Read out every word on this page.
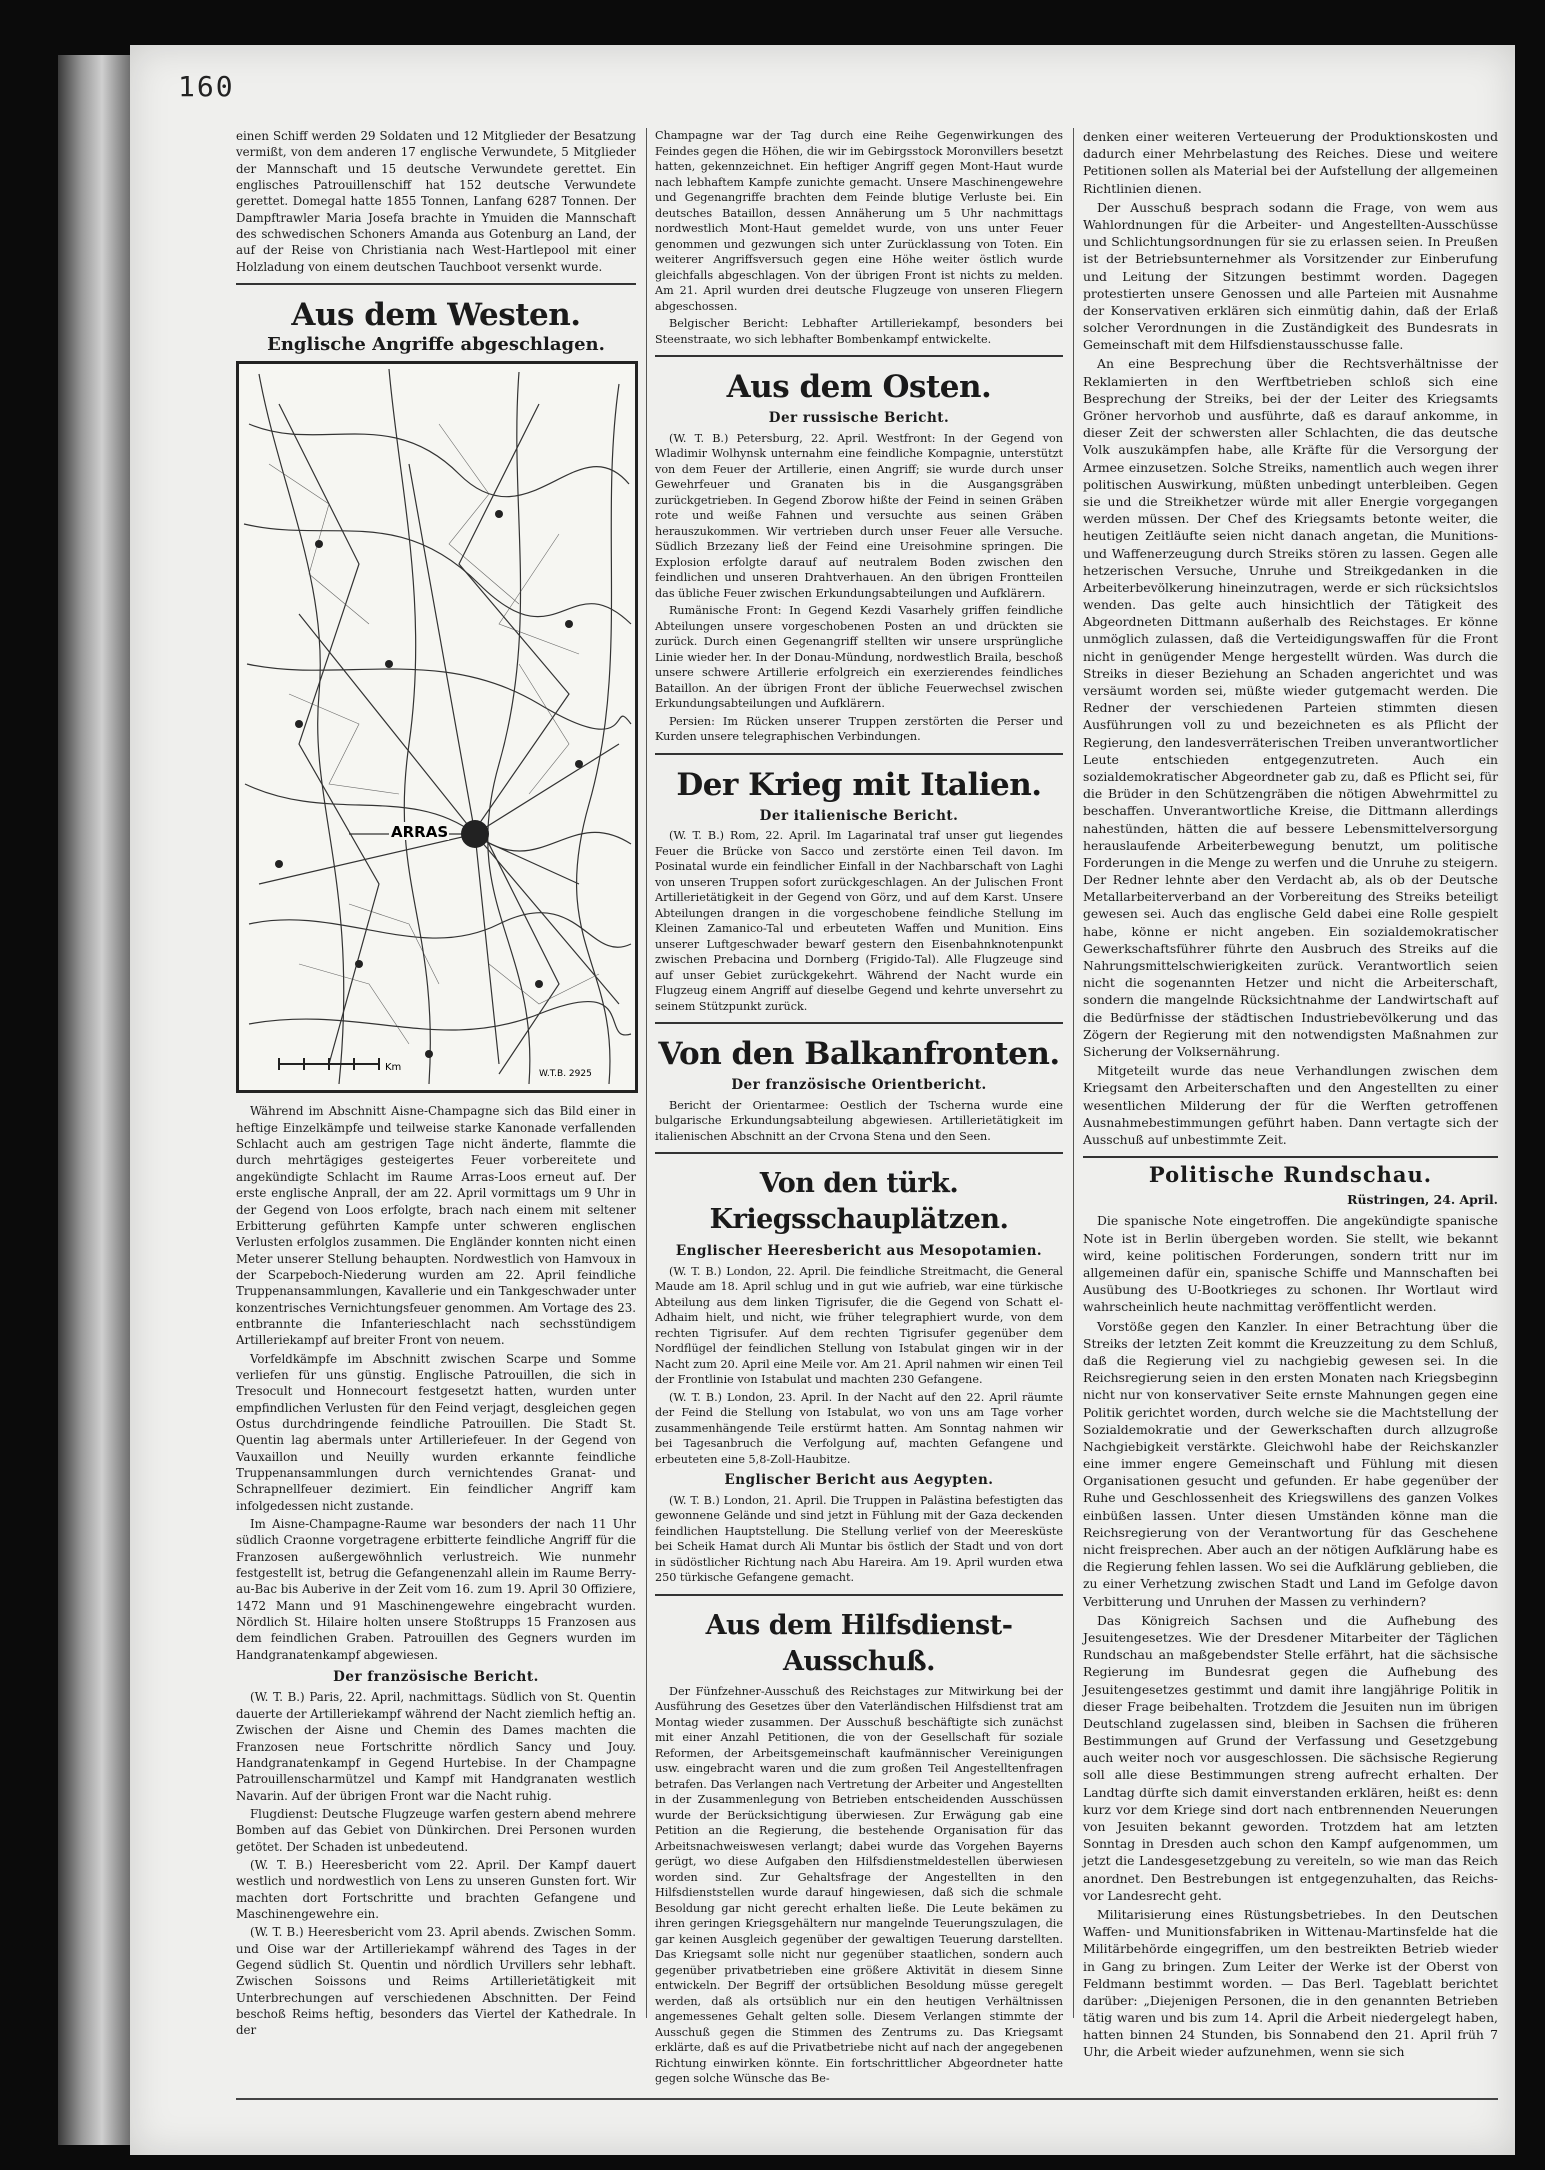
160

einen Schiff werden 29 Soldaten und 12 Mitglieder der Besatzung vermißt, von dem anderen 17 englische Verwundete, 5 Mitglieder der Mannschaft und 15 deutsche Verwundete gerettet. Ein englisches Patrouillenschiff hat 152 deutsche Verwundete gerettet. Domegal hatte 1855 Tonnen, Lanfang 6287 Tonnen. Der Dampftrawler Maria Josefa brachte in Ymuiden die Mannschaft des schwedischen Schoners Amanda aus Gotenburg an Land, der auf der Reise von Christiania nach West-Hartlepool mit einer Holzladung von einem deutschen Tauchboot versenkt wurde.

Aus dem Westen.
Englische Angriffe abgeschlagen.
ARRAS
Km
W.T.B. 2925

Während im Abschnitt Aisne-Champagne sich das Bild einer in heftige Einzelkämpfe und teilweise starke Kanonade verfallenden Schlacht auch am gestrigen Tage nicht änderte, flammte die durch mehrtägiges gesteigertes Feuer vorbereitete und angekündigte Schlacht im Raume Arras-Loos erneut auf. Der erste englische Anprall, der am 22. April vormittags um 9 Uhr in der Gegend von Loos erfolgte, brach nach einem mit seltener Erbitterung geführten Kampfe unter schweren englischen Verlusten erfolglos zusammen. Die Engländer konnten nicht einen Meter unserer Stellung behaupten. Nordwestlich von Hamvoux in der Scarpeboch-Niederung wurden am 22. April feindliche Truppenansammlungen, Kavallerie und ein Tankgeschwader unter konzentrisches Vernichtungsfeuer genommen. Am Vortage des 23. entbrannte die Infanterieschlacht nach sechsstündigem Artilleriekampf auf breiter Front von neuem.

Vorfeldkämpfe im Abschnitt zwischen Scarpe und Somme verliefen für uns günstig. Englische Patrouillen, die sich in Tresocult und Honnecourt festgesetzt hatten, wurden unter empfindlichen Verlusten für den Feind verjagt, desgleichen gegen Ostus durchdringende feindliche Patrouillen. Die Stadt St. Quentin lag abermals unter Artilleriefeuer. In der Gegend von Vauxaillon und Neuilly wurden erkannte feindliche Truppenansammlungen durch vernichtendes Granat- und Schrapnellfeuer dezimiert. Ein feindlicher Angriff kam infolgedessen nicht zustande.

Im Aisne-Champagne-Raume war besonders der nach 11 Uhr südlich Craonne vorgetragene erbitterte feindliche Angriff für die Franzosen außergewöhnlich verlustreich. Wie nunmehr festgestellt ist, betrug die Gefangenenzahl allein im Raume Berry-au-Bac bis Auberive in der Zeit vom 16. zum 19. April 30 Offiziere, 1472 Mann und 91 Maschinengewehre eingebracht wurden. Nördlich St. Hilaire holten unsere Stoßtrupps 15 Franzosen aus dem feindlichen Graben. Patrouillen des Gegners wurden im Handgranatenkampf abgewiesen.

Der französische Bericht.

(W. T. B.) Paris, 22. April, nachmittags. Südlich von St. Quentin dauerte der Artilleriekampf während der Nacht ziemlich heftig an. Zwischen der Aisne und Chemin des Dames machten die Franzosen neue Fortschritte nördlich Sancy und Jouy. Handgranatenkampf in Gegend Hurtebise. In der Champagne Patrouillenscharmützel und Kampf mit Handgranaten westlich Navarin. Auf der übrigen Front war die Nacht ruhig.

Flugdienst: Deutsche Flugzeuge warfen gestern abend mehrere Bomben auf das Gebiet von Dünkirchen. Drei Personen wurden getötet. Der Schaden ist unbedeutend.

(W. T. B.) Heeresbericht vom 22. April. Der Kampf dauert westlich und nordwestlich von Lens zu unseren Gunsten fort. Wir machten dort Fortschritte und brachten Gefangene und Maschinengewehre ein.

(W. T. B.) Heeresbericht vom 23. April abends. Zwischen Somm. und Oise war der Artilleriekampf während des Tages in der Gegend südlich St. Quentin und nördlich Urvillers sehr lebhaft. Zwischen Soissons und Reims Artillerietätigkeit mit Unterbrechungen auf verschiedenen Abschnitten. Der Feind beschoß Reims heftig, besonders das Viertel der Kathedrale. In der

Champagne war der Tag durch eine Reihe Gegenwirkungen des Feindes gegen die Höhen, die wir im Gebirgsstock Moronvillers besetzt hatten, gekennzeichnet. Ein heftiger Angriff gegen Mont-Haut wurde nach lebhaftem Kampfe zunichte gemacht. Unsere Maschinengewehre und Gegenangriffe brachten dem Feinde blutige Verluste bei. Ein deutsches Bataillon, dessen Annäherung um 5 Uhr nachmittags nordwestlich Mont-Haut gemeldet wurde, von uns unter Feuer genommen und gezwungen sich unter Zurücklassung von Toten. Ein weiterer Angriffsversuch gegen eine Höhe weiter östlich wurde gleichfalls abgeschlagen. Von der übrigen Front ist nichts zu melden. Am 21. April wurden drei deutsche Flugzeuge von unseren Fliegern abgeschossen.

Belgischer Bericht: Lebhafter Artilleriekampf, besonders bei Steenstraate, wo sich lebhafter Bombenkampf entwickelte.

Aus dem Osten.
Der russische Bericht.

(W. T. B.) Petersburg, 22. April. Westfront: In der Gegend von Wladimir Wolhynsk unternahm eine feindliche Kompagnie, unterstützt von dem Feuer der Artillerie, einen Angriff; sie wurde durch unser Gewehrfeuer und Granaten bis in die Ausgangsgräben zurückgetrieben. In Gegend Zborow hißte der Feind in seinen Gräben rote und weiße Fahnen und versuchte aus seinen Gräben herauszukommen. Wir vertrieben durch unser Feuer alle Versuche. Südlich Brzezany ließ der Feind eine Ureisohmine springen. Die Explosion erfolgte darauf auf neutralem Boden zwischen den feindlichen und unseren Drahtverhauen. An den übrigen Frontteilen das übliche Feuer zwischen Erkundungsabteilungen und Aufklärern.

Rumänische Front: In Gegend Kezdi Vasarhely griffen feindliche Abteilungen unsere vorgeschobenen Posten an und drückten sie zurück. Durch einen Gegenangriff stellten wir unsere ursprüngliche Linie wieder her. In der Donau-Mündung, nordwestlich Braila, beschoß unsere schwere Artillerie erfolgreich ein exerzierendes feindliches Bataillon. An der übrigen Front der übliche Feuerwechsel zwischen Erkundungsabteilungen und Aufklärern.

Persien: Im Rücken unserer Truppen zerstörten die Perser und Kurden unsere telegraphischen Verbindungen.

Der Krieg mit Italien.
Der italienische Bericht.

(W. T. B.) Rom, 22. April. Im Lagarinatal traf unser gut liegendes Feuer die Brücke von Sacco und zerstörte einen Teil davon. Im Posinatal wurde ein feindlicher Einfall in der Nachbarschaft von Laghi von unseren Truppen sofort zurückgeschlagen. An der Julischen Front Artillerietätigkeit in der Gegend von Görz, und auf dem Karst. Unsere Abteilungen drangen in die vorgeschobene feindliche Stellung im Kleinen Zamanico-Tal und erbeuteten Waffen und Munition. Eins unserer Luftgeschwader bewarf gestern den Eisenbahnknotenpunkt zwischen Prebacina und Dornberg (Frigido-Tal). Alle Flugzeuge sind auf unser Gebiet zurückgekehrt. Während der Nacht wurde ein Flugzeug einem Angriff auf dieselbe Gegend und kehrte unversehrt zu seinem Stützpunkt zurück.

Von den Balkanfronten.
Der französische Orientbericht.

Bericht der Orientarmee: Oestlich der Tscherna wurde eine bulgarische Erkundungsabteilung abgewiesen. Artillerietätigkeit im italienischen Abschnitt an der Crvona Stena und den Seen.

Von den türk. Kriegsschauplätzen.
Englischer Heeresbericht aus Mesopotamien.

(W. T. B.) London, 22. April. Die feindliche Streitmacht, die General Maude am 18. April schlug und in gut wie aufrieb, war eine türkische Abteilung aus dem linken Tigrisufer, die die Gegend von Schatt el-Adhaim hielt, und nicht, wie früher telegraphiert wurde, von dem rechten Tigrisufer. Auf dem rechten Tigrisufer gegenüber dem Nordflügel der feindlichen Stellung von Istabulat gingen wir in der Nacht zum 20. April eine Meile vor. Am 21. April nahmen wir einen Teil der Frontlinie von Istabulat und machten 230 Gefangene.

(W. T. B.) London, 23. April. In der Nacht auf den 22. April räumte der Feind die Stellung von Istabulat, wo von uns am Tage vorher zusammenhängende Teile erstürmt hatten. Am Sonntag nahmen wir bei Tagesanbruch die Verfolgung auf, machten Gefangene und erbeuteten eine 5,8-Zoll-Haubitze.

Englischer Bericht aus Aegypten.

(W. T. B.) London, 21. April. Die Truppen in Palästina befestigten das gewonnene Gelände und sind jetzt in Fühlung mit der Gaza deckenden feindlichen Hauptstellung. Die Stellung verlief von der Meeresküste bei Scheik Hamat durch Ali Muntar bis östlich der Stadt und von dort in südöstlicher Richtung nach Abu Hareira. Am 19. April wurden etwa 250 türkische Gefangene gemacht.

Aus dem Hilfsdienst-Ausschuß.

Der Fünfzehner-Ausschuß des Reichstages zur Mitwirkung bei der Ausführung des Gesetzes über den Vaterländischen Hilfsdienst trat am Montag wieder zusammen. Der Ausschuß beschäftigte sich zunächst mit einer Anzahl Petitionen, die von der Gesellschaft für soziale Reformen, der Arbeitsgemeinschaft kaufmännischer Vereinigungen usw. eingebracht waren und die zum großen Teil Angestelltenfragen betrafen. Das Verlangen nach Vertretung der Arbeiter und Angestellten in der Zusammenlegung von Betrieben entscheidenden Ausschüssen wurde der Berücksichtigung überwiesen. Zur Erwägung gab eine Petition an die Regierung, die bestehende Organisation für das Arbeitsnachweiswesen verlangt; dabei wurde das Vorgehen Bayerns gerügt, wo diese Aufgaben den Hilfsdienstmeldestellen überwiesen worden sind. Zur Gehaltsfrage der Angestellten in den Hilfsdienststellen wurde darauf hingewiesen, daß sich die schmale Besoldung gar nicht gerecht erhalten ließe. Die Leute bekämen zu ihren geringen Kriegsgehältern nur mangelnde Teuerungszulagen, die gar keinen Ausgleich gegenüber der gewaltigen Teuerung darstellten. Das Kriegsamt solle nicht nur gegenüber staatlichen, sondern auch gegenüber privatbetrieben eine größere Aktivität in diesem Sinne entwickeln. Der Begriff der ortsüblichen Besoldung müsse geregelt werden, daß als ortsüblich nur ein den heutigen Verhältnissen angemessenes Gehalt gelten solle. Diesem Verlangen stimmte der Ausschuß gegen die Stimmen des Zentrums zu. Das Kriegsamt erklärte, daß es auf die Privatbetriebe nicht auf nach der angegebenen Richtung einwirken könnte. Ein fortschrittlicher Abgeordneter hatte gegen solche Wünsche das Be-

denken einer weiteren Verteuerung der Produktionskosten und dadurch einer Mehrbelastung des Reiches. Diese und weitere Petitionen sollen als Material bei der Aufstellung der allgemeinen Richtlinien dienen.

Der Ausschuß besprach sodann die Frage, von wem aus Wahlordnungen für die Arbeiter- und Angestellten-Ausschüsse und Schlichtungsordnungen für sie zu erlassen seien. In Preußen ist der Betriebsunternehmer als Vorsitzender zur Einberufung und Leitung der Sitzungen bestimmt worden. Dagegen protestierten unsere Genossen und alle Parteien mit Ausnahme der Konservativen erklären sich einmütig dahin, daß der Erlaß solcher Verordnungen in die Zuständigkeit des Bundesrats in Gemeinschaft mit dem Hilfsdienstausschusse falle.

An eine Besprechung über die Rechtsverhältnisse der Reklamierten in den Werftbetrieben schloß sich eine Besprechung der Streiks, bei der der Leiter des Kriegsamts Gröner hervorhob und ausführte, daß es darauf ankomme, in dieser Zeit der schwersten aller Schlachten, die das deutsche Volk auszukämpfen habe, alle Kräfte für die Versorgung der Armee einzusetzen. Solche Streiks, namentlich auch wegen ihrer politischen Auswirkung, müßten unbedingt unterbleiben. Gegen sie und die Streikhetzer würde mit aller Energie vorgegangen werden müssen. Der Chef des Kriegsamts betonte weiter, die heutigen Zeitläufte seien nicht danach angetan, die Munitions- und Waffenerzeugung durch Streiks stören zu lassen. Gegen alle hetzerischen Versuche, Unruhe und Streikgedanken in die Arbeiterbevölkerung hineinzutragen, werde er sich rücksichtslos wenden. Das gelte auch hinsichtlich der Tätigkeit des Abgeordneten Dittmann außerhalb des Reichstages. Er könne unmöglich zulassen, daß die Verteidigungswaffen für die Front nicht in genügender Menge hergestellt würden. Was durch die Streiks in dieser Beziehung an Schaden angerichtet und was versäumt worden sei, müßte wieder gutgemacht werden. Die Redner der verschiedenen Parteien stimmten diesen Ausführungen voll zu und bezeichneten es als Pflicht der Regierung, den landesverräterischen Treiben unverantwortlicher Leute entschieden entgegenzutreten. Auch ein sozialdemokratischer Abgeordneter gab zu, daß es Pflicht sei, für die Brüder in den Schützengräben die nötigen Abwehrmittel zu beschaffen. Unverantwortliche Kreise, die Dittmann allerdings nahestünden, hätten die auf bessere Lebensmittelversorgung herauslaufende Arbeiterbewegung benutzt, um politische Forderungen in die Menge zu werfen und die Unruhe zu steigern. Der Redner lehnte aber den Verdacht ab, als ob der Deutsche Metallarbeiterverband an der Vorbereitung des Streiks beteiligt gewesen sei. Auch das englische Geld dabei eine Rolle gespielt habe, könne er nicht angeben. Ein sozialdemokratischer Gewerkschaftsführer führte den Ausbruch des Streiks auf die Nahrungsmittelschwierigkeiten zurück. Verantwortlich seien nicht die sogenannten Hetzer und nicht die Arbeiterschaft, sondern die mangelnde Rücksichtnahme der Landwirtschaft auf die Bedürfnisse der städtischen Industriebevölkerung und das Zögern der Regierung mit den notwendigsten Maßnahmen zur Sicherung der Volksernährung.

Mitgeteilt wurde das neue Verhandlungen zwischen dem Kriegsamt den Arbeiterschaften und den Angestellten zu einer wesentlichen Milderung der für die Werften getroffenen Ausnahmebestimmungen geführt haben. Dann vertagte sich der Ausschuß auf unbestimmte Zeit.

Politische Rundschau.
Rüstringen, 24. April.

Die spanische Note eingetroffen. Die angekündigte spanische Note ist in Berlin übergeben worden. Sie stellt, wie bekannt wird, keine politischen Forderungen, sondern tritt nur im allgemeinen dafür ein, spanische Schiffe und Mannschaften bei Ausübung des U-Bootkrieges zu schonen. Ihr Wortlaut wird wahrscheinlich heute nachmittag veröffentlicht werden.

Vorstöße gegen den Kanzler. In einer Betrachtung über die Streiks der letzten Zeit kommt die Kreuzzeitung zu dem Schluß, daß die Regierung viel zu nachgiebig gewesen sei. In die Reichsregierung seien in den ersten Monaten nach Kriegsbeginn nicht nur von konservativer Seite ernste Mahnungen gegen eine Politik gerichtet worden, durch welche sie die Machtstellung der Sozialdemokratie und der Gewerkschaften durch allzugroße Nachgiebigkeit verstärkte. Gleichwohl habe der Reichskanzler eine immer engere Gemeinschaft und Fühlung mit diesen Organisationen gesucht und gefunden. Er habe gegenüber der Ruhe und Geschlossenheit des Kriegswillens des ganzen Volkes einbüßen lassen. Unter diesen Umständen könne man die Reichsregierung von der Verantwortung für das Geschehene nicht freisprechen. Aber auch an der nötigen Aufklärung habe es die Regierung fehlen lassen. Wo sei die Aufklärung geblieben, die zu einer Verhetzung zwischen Stadt und Land im Gefolge davon Verbitterung und Unruhen der Massen zu verhindern?

Das Königreich Sachsen und die Aufhebung des Jesuitengesetzes. Wie der Dresdener Mitarbeiter der Täglichen Rundschau an maßgebendster Stelle erfährt, hat die sächsische Regierung im Bundesrat gegen die Aufhebung des Jesuitengesetzes gestimmt und damit ihre langjährige Politik in dieser Frage beibehalten. Trotzdem die Jesuiten nun im übrigen Deutschland zugelassen sind, bleiben in Sachsen die früheren Bestimmungen auf Grund der Verfassung und Gesetzgebung auch weiter noch vor ausgeschlossen. Die sächsische Regierung soll alle diese Bestimmungen streng aufrecht erhalten. Der Landtag dürfte sich damit einverstanden erklären, heißt es: denn kurz vor dem Kriege sind dort nach entbrennenden Neuerungen von Jesuiten bekannt geworden. Trotzdem hat am letzten Sonntag in Dresden auch schon den Kampf aufgenommen, um jetzt die Landesgesetzgebung zu vereiteln, so wie man das Reich anordnet. Den Bestrebungen ist entgegenzuhalten, das Reichs- vor Landesrecht geht.

Militarisierung eines Rüstungsbetriebes. In den Deutschen Waffen- und Munitionsfabriken in Wittenau-Martinsfelde hat die Militärbehörde eingegriffen, um den bestreikten Betrieb wieder in Gang zu bringen. Zum Leiter der Werke ist der Oberst von Feldmann bestimmt worden. — Das Berl. Tageblatt berichtet darüber: „Diejenigen Personen, die in den genannten Betrieben tätig waren und bis zum 14. April die Arbeit niedergelegt haben, hatten binnen 24 Stunden, bis Sonnabend den 21. April früh 7 Uhr, die Arbeit wieder aufzunehmen, wenn sie sich
